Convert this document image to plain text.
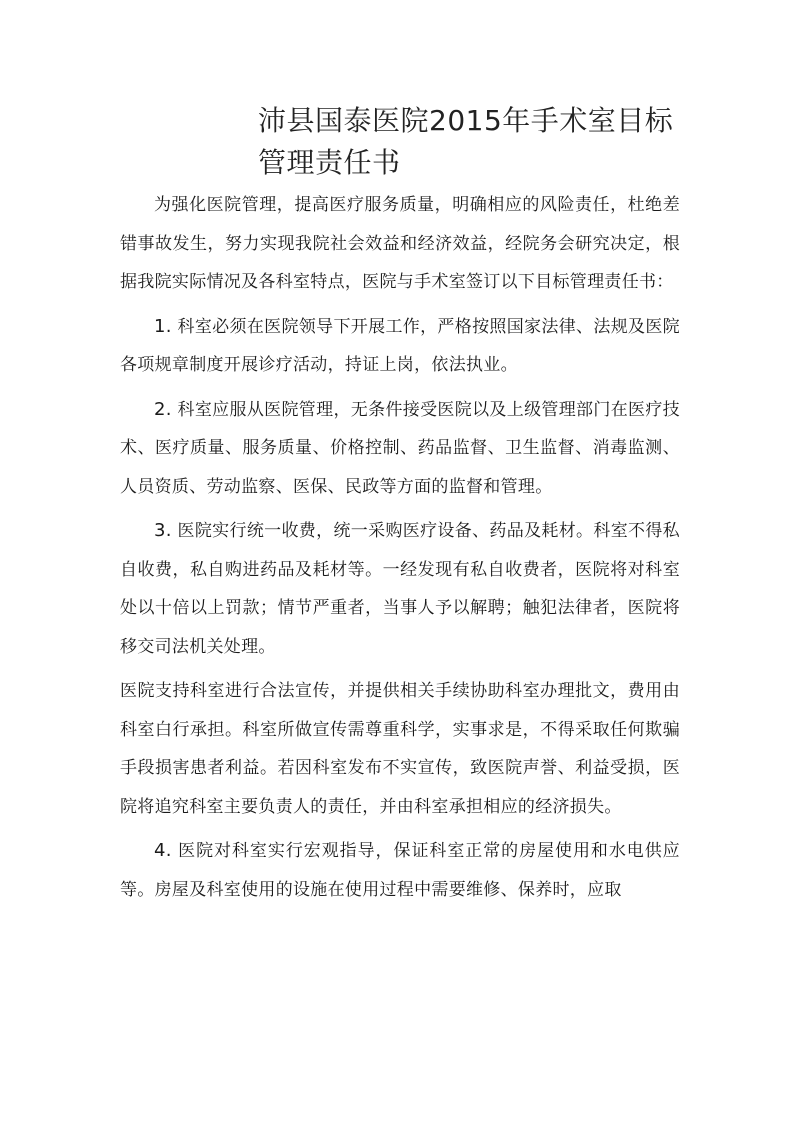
沛县国泰医院2015年手术室目标管理责任书

为强化医院管理，提高医疗服务质量，明确相应的风险责任，杜绝差错事故发生，努力实现我院社会效益和经济效益，经院务会研究决定，根据我院实际情况及各科室特点，医院与手术室签订以下目标管理责任书：

1. 科室必须在医院领导下开展工作，严格按照国家法律、法规及医院各项规章制度开展诊疗活动，持证上岗，依法执业。

2. 科室应服从医院管理，无条件接受医院以及上级管理部门在医疗技术、医疗质量、服务质量、价格控制、药品监督、卫生监督、消毒监测、人员资质、劳动监察、医保、民政等方面的监督和管理。

3. 医院实行统一收费，统一采购医疗设备、药品及耗材。科室不得私自收费，私自购进药品及耗材等。一经发现有私自收费者，医院将对科室处以十倍以上罚款；情节严重者，当事人予以解聘；触犯法律者，医院将移交司法机关处理。

医院支持科室进行合法宣传，并提供相关手续协助科室办理批文，费用由科室白行承担。科室所做宣传需尊重科学，实事求是，不得采取任何欺骗手段损害患者利益。若因科室发布不实宣传，致医院声誉、利益受损，医院将追究科室主要负责人的责任，并由科室承担相应的经济损失。

4. 医院对科室实行宏观指导，保证科室正常的房屋使用和水电供应等。房屋及科室使用的设施在使用过程中需要维修、保养时，应取
